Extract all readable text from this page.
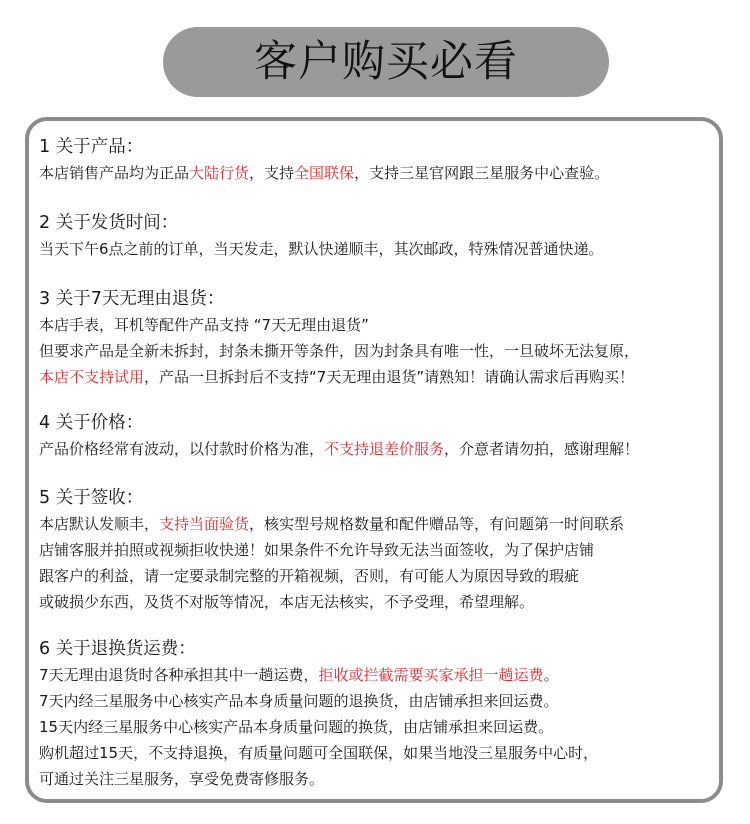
客户购买必看
1 关于产品：
本店销售产品均为正品大陆行货，支持全国联保，支持三星官网跟三星服务中心查验。
2 关于发货时间：
当天下午6点之前的订单，当天发走，默认快递顺丰，其次邮政，特殊情况普通快递。
3 关于7天无理由退货：
本店手表，耳机等配件产品支持 “7天无理由退货”
但要求产品是全新未拆封，封条未撕开等条件，因为封条具有唯一性，一旦破坏无法复原，
本店不支持试用，产品一旦拆封后不支持“7天无理由退货”请熟知！请确认需求后再购买！
4 关于价格：
产品价格经常有波动，以付款时价格为准，不支持退差价服务，介意者请勿拍，感谢理解！
5 关于签收：
本店默认发顺丰，支持当面验货，核实型号规格数量和配件赠品等，有问题第一时间联系
店铺客服并拍照或视频拒收快递！如果条件不允许导致无法当面签收，为了保护店铺
跟客户的利益，请一定要录制完整的开箱视频，否则，有可能人为原因导致的瑕疵
或破损少东西，及货不对版等情况，本店无法核实，不予受理，希望理解。
6 关于退换货运费：
7天无理由退货时各种承担其中一趟运费，拒收或拦截需要买家承担一趟运费。
7天内经三星服务中心核实产品本身质量问题的退换货，由店铺承担来回运费。
15天内经三星服务中心核实产品本身质量问题的换货，由店铺承担来回运费。
购机超过15天，不支持退换，有质量问题可全国联保，如果当地没三星服务中心时，
可通过关注三星服务，享受免费寄修服务。
